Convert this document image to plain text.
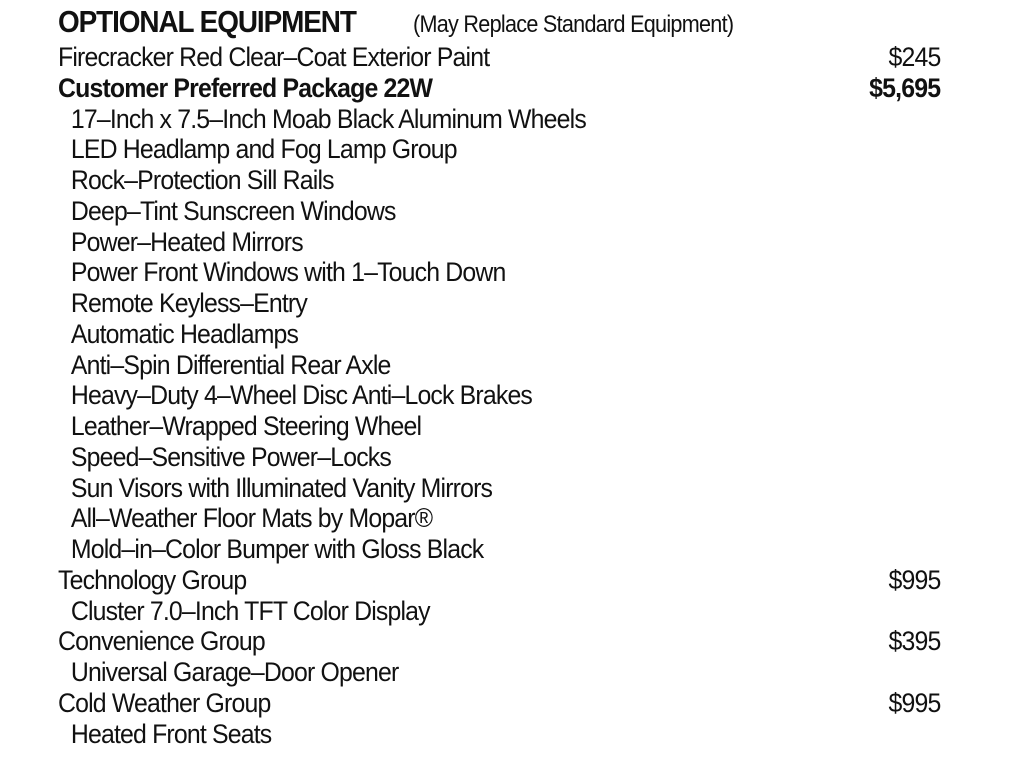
OPTIONAL EQUIPMENT	(May Replace Standard Equipment)
Firecracker Red Clear–Coat Exterior Paint	$245
Customer Preferred Package 22W	$5,695
17–Inch x 7.5–Inch Moab Black Aluminum Wheels
LED Headlamp and Fog Lamp Group
Rock–Protection Sill Rails
Deep–Tint Sunscreen Windows
Power–Heated Mirrors
Power Front Windows with 1–Touch Down
Remote Keyless–Entry
Automatic Headlamps
Anti–Spin Differential Rear Axle
Heavy–Duty 4–Wheel Disc Anti–Lock Brakes
Leather–Wrapped Steering Wheel
Speed–Sensitive Power–Locks
Sun Visors with Illuminated Vanity Mirrors
All–Weather Floor Mats by Mopar®
Mold–in–Color Bumper with Gloss Black
Technology Group	$995
Cluster 7.0–Inch TFT Color Display
Convenience Group	$395
Universal Garage–Door Opener
Cold Weather Group	$995
Heated Front Seats
